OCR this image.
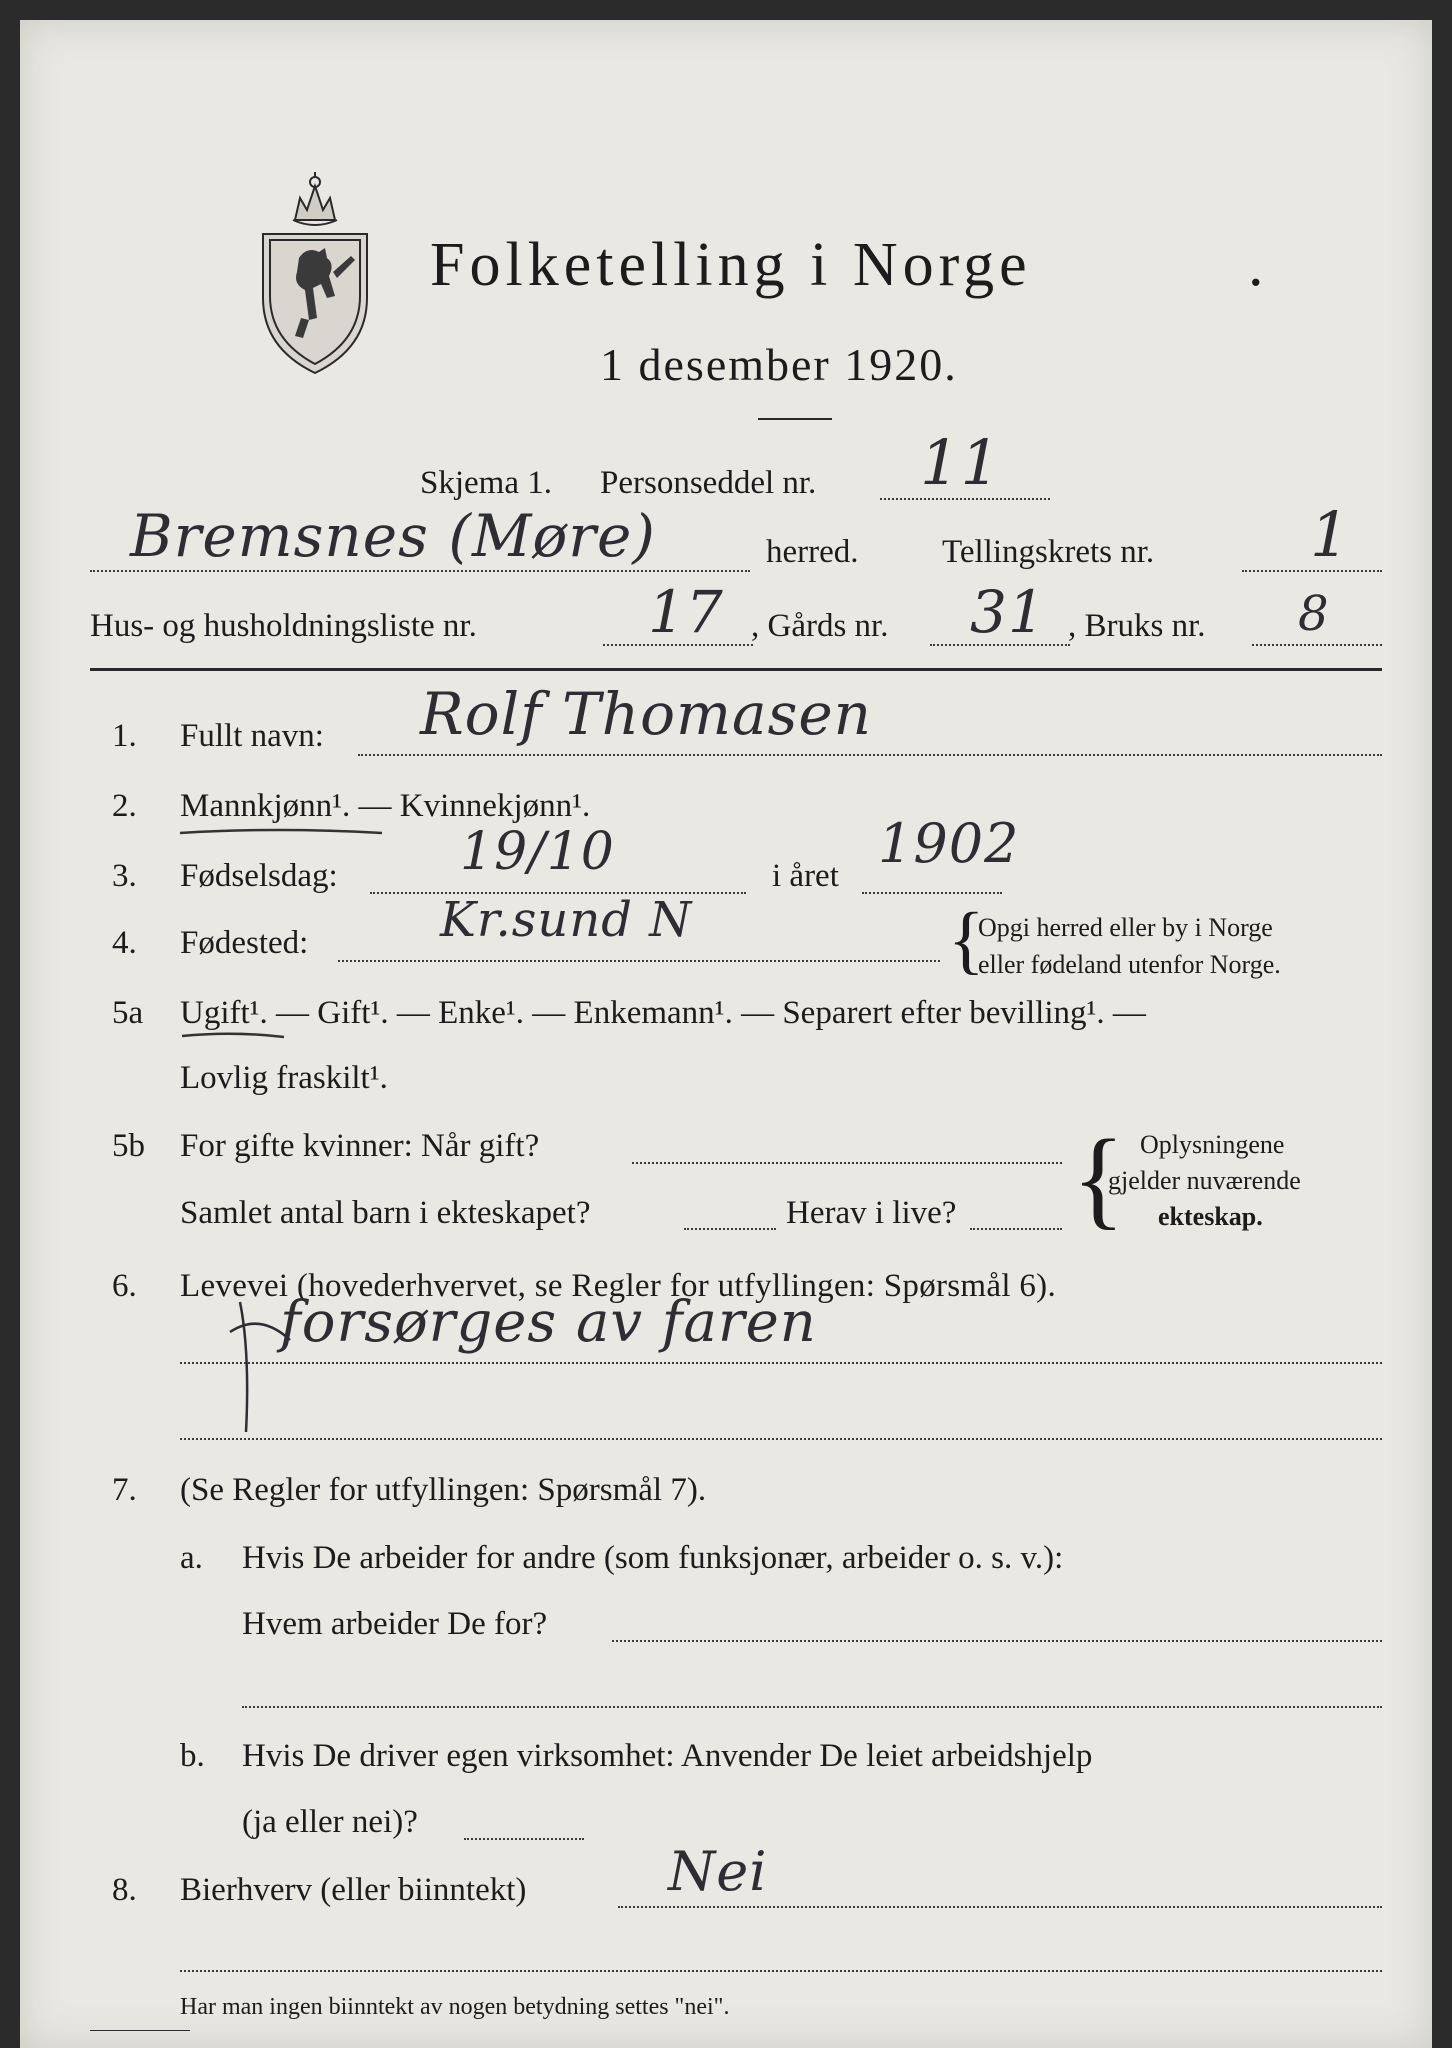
Folketelling i Norge	.
1 desember 1920.
Skjema 1. Personseddel nr. 11
Bremsnes (Møre)	herred.	Tellingskrets nr.	1
Hus- og husholdningsliste nr.	17 , Gårds nr. 31 , Bruks nr. 8
1. Fullt navn: Rolf Thomasen
2. Mannkjønn¹. — Kvinnekjønn¹.
3. Fødselsdag: 19/10	i året
1902
4. Fødested:	Kr.sund N	{
Opgi herred eller by i Norge
eller fødeland utenfor Norge.
5a Ugift¹. — Gift¹. — Enke¹. — Enkemann¹. — Separert efter bevilling¹. —
Lovlig fraskilt¹.
5b For gifte kvinner: Når gift?
Samlet antal barn i ekteskapet?	Herav i live? { Oplysningene
gjelder nuværende
ekteskap.
6. Levevei (hovederhvervet, se Regler for utfyllingen: Spørsmål 6).
forsørges av faren
7. (Se Regler for utfyllingen: Spørsmål 7).
a. Hvis De arbeider for andre (som funksjonær, arbeider o. s. v.):
Hvem arbeider De for?
b. Hvis De driver egen virksomhet: Anvender De leiet arbeidshjelp
(ja eller nei)?
8. Bierhverv (eller biinntekt)	Nei
Har man ingen biinntekt av nogen betydning settes "nei".
